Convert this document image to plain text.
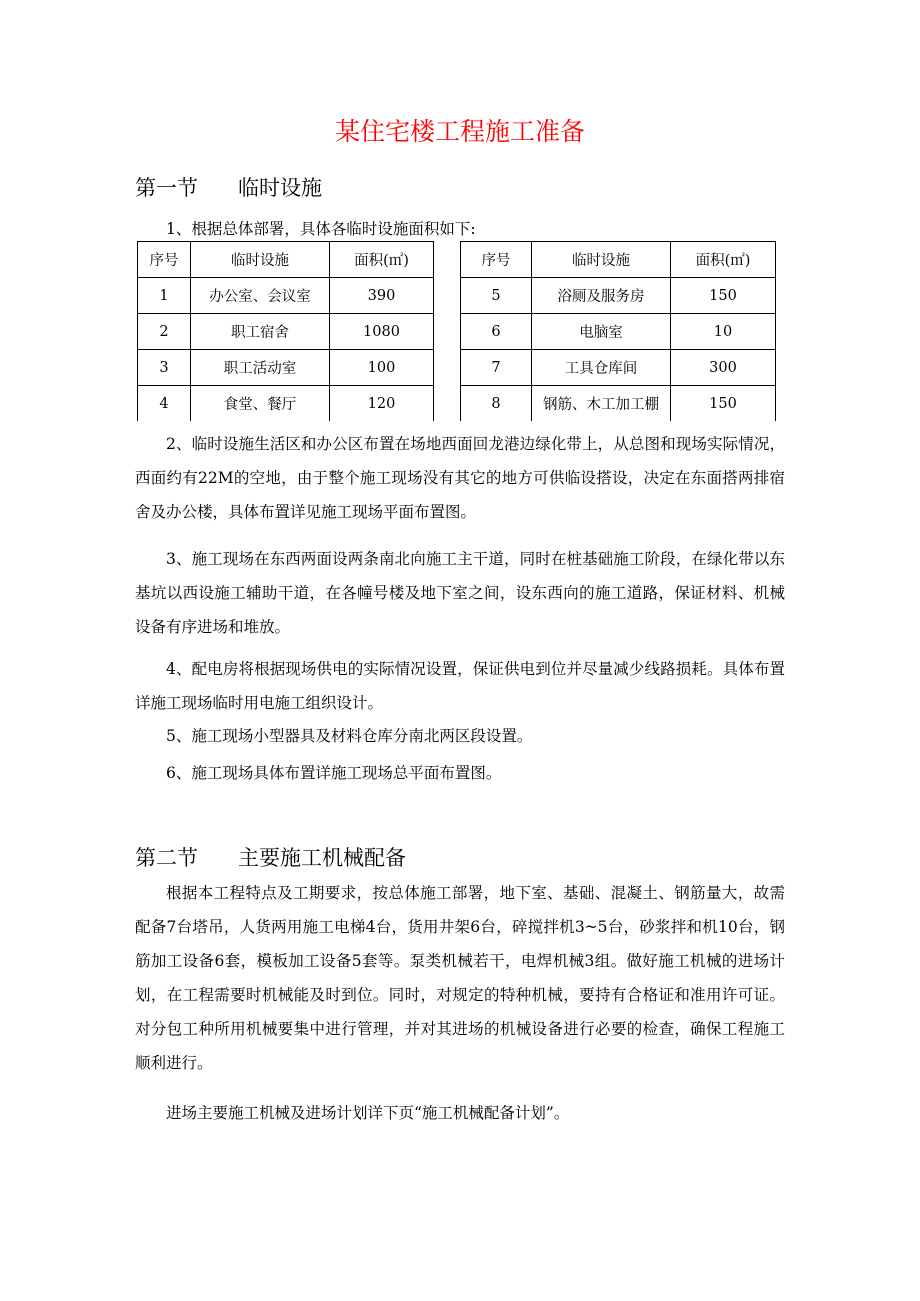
某住宅楼工程施工准备
第一节 临时设施

1、根据总体部署，具体各临时设施面积如下:

序号	临时设施	面积(㎡)
1	办公室、会议室	390
2	职工宿舍	1080
3	职工活动室	100
4	食堂、餐厅	120
序号	临时设施	面积(㎡)
5	浴厕及服务房	150
6	电脑室	10
7	工具仓库间	300
8	钢筋、木工加工棚	150

2、临时设施生活区和办公区布置在场地西面回龙港边绿化带上，从总图和现场实际情况，西面约有22M的空地，由于整个施工现场没有其它的地方可供临设搭设，决定在东面搭两排宿舍及办公楼，具体布置详见施工现场平面布置图。

3、施工现场在东西两面设两条南北向施工主干道，同时在桩基础施工阶段，在绿化带以东基坑以西设施工辅助干道，在各幢号楼及地下室之间，设东西向的施工道路，保证材料、机械设备有序进场和堆放。

4、配电房将根据现场供电的实际情况设置，保证供电到位并尽量减少线路损耗。具体布置详施工现场临时用电施工组织设计。

5、施工现场小型器具及材料仓库分南北两区段设置。

6、施工现场具体布置详施工现场总平面布置图。

第二节 主要施工机械配备

根据本工程特点及工期要求，按总体施工部署，地下室、基础、混凝土、钢筋量大，故需配备7台塔吊，人货两用施工电梯4台，货用井架6台，碎搅拌机3~5台，砂浆拌和机10台，钢筋加工设备6套，模板加工设备5套等。泵类机械若干，电焊机械3组。做好施工机械的进场计划，在工程需要时机械能及时到位。同时，对规定的特种机械，要持有合格证和准用许可证。对分包工种所用机械要集中进行管理，并对其进场的机械设备进行必要的检查，确保工程施工顺利进行。

进场主要施工机械及进场计划详下页“施工机械配备计划”。
